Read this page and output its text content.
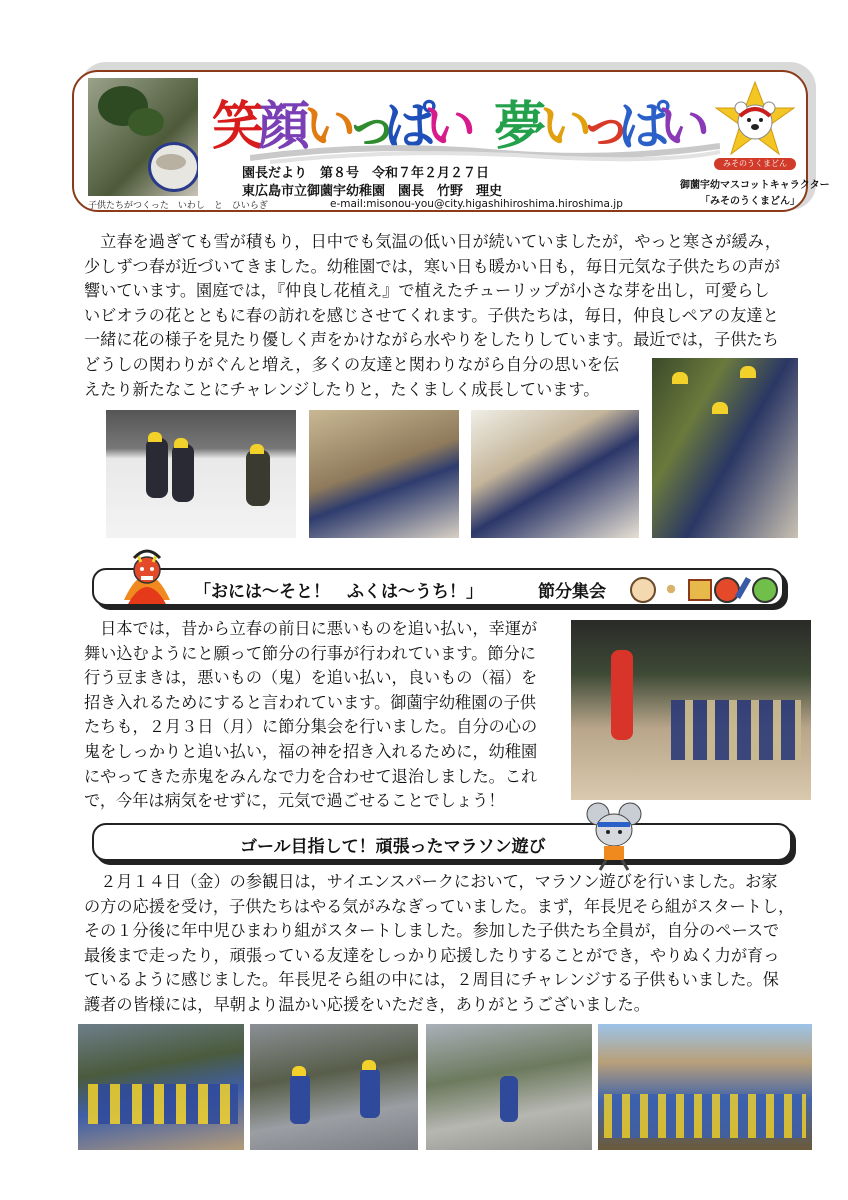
子供たちがつくった　いわし　と　ひいらぎ
笑
顔
い
っ
ぱ
い 夢
い
っ
ぱ
い
園長だより　第８号　令和７年２月２７日
東広島市立御薗宇幼稚園　園長　竹野　理史
e-mail:misonou-you@city.higashihiroshima.hiroshima.jp
みそのうくまどん
御薗宇幼マスコットキャラクター
「みそのうくまどん」
　立春を過ぎても雪が積もり，日中でも気温の低い日が続いていましたが，やっと寒さが緩み，
少しずつ春が近づいてきました。幼稚園では，寒い日も暖かい日も，毎日元気な子供たちの声が
響いています。園庭では，『仲良し花植え』で植えたチューリップが小さな芽を出し，可愛らし
いビオラの花とともに春の訪れを感じさせてくれます。子供たちは，毎日，仲良しペアの友達と
一緒に花の様子を見たり優しく声をかけながら水やりをしたりしています。最近では，子供たち
どうしの関わりがぐんと増え，多くの友達と関わりながら自分の思いを伝
えたり新たなことにチャレンジしたりと，たくましく成長しています。
「おには～そと！　ふくは～うち！」	節分集会
　日本では，昔から立春の前日に悪いものを追い払い，幸運が
舞い込むようにと願って節分の行事が行われています。節分に
行う豆まきは，悪いもの（鬼）を追い払い，良いもの（福）を
招き入れるためにすると言われています。御薗宇幼稚園の子供
たちも，２月３日（月）に節分集会を行いました。自分の心の
鬼をしっかりと追い払い，福の神を招き入れるために，幼稚園
にやってきた赤鬼をみんなで力を合わせて退治しました。これ
で，今年は病気をせずに，元気で過ごせることでしょう！
ゴール目指して！頑張ったマラソン遊び
　２月１４日（金）の参観日は，サイエンスパークにおいて，マラソン遊びを行いました。お家
の方の応援を受け，子供たちはやる気がみなぎっていました。まず，年長児そら組がスタートし，
その１分後に年中児ひまわり組がスタートしました。参加した子供たち全員が，自分のペースで
最後まで走ったり，頑張っている友達をしっかり応援したりすることができ，やりぬく力が育っ
ているように感じました。年長児そら組の中には，２周目にチャレンジする子供もいました。保
護者の皆様には，早朝より温かい応援をいただき，ありがとうございました。
